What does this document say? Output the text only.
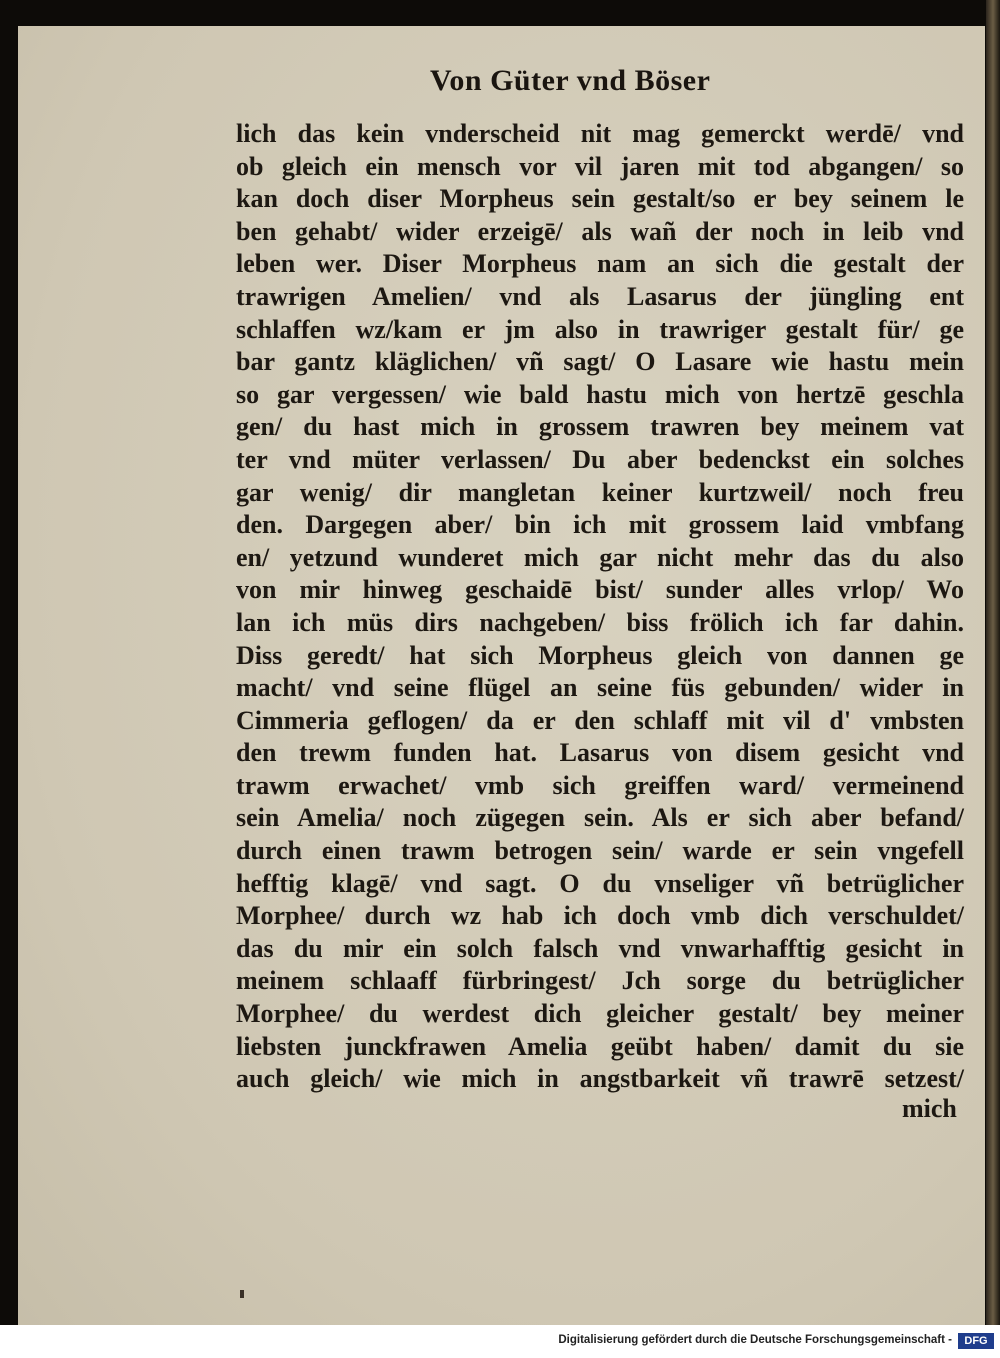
Von Güter vnd Böser
lich das kein vnderscheid nit mag gemerckt werdē/ vnd
ob gleich ein mensch vor vil jaren mit tod abgangen/ so
kan doch diser Morpheus sein gestalt/so er bey seinem le
ben gehabt/ wider erzeigē/ als wañ der noch in leib vnd
leben wer. Diser Morpheus nam an sich die gestalt der
trawrigen Amelien/ vnd als Lasarus der jüngling ent
schlaffen wz/kam er jm also in trawriger gestalt für/ ge
bar gantz kläglichen/ vñ sagt/ O Lasare wie hastu mein
so gar vergessen/ wie bald hastu mich von hertzē geschla
gen/ du hast mich in grossem trawren bey meinem vat
ter vnd müter verlassen/ Du aber bedenckst ein solches
gar wenig/ dir mangletan keiner kurtzweil/ noch freu
den. Dargegen aber/ bin ich mit grossem laid vmbfang
en/ yetzund wunderet mich gar nicht mehr das du also
von mir hinweg geschaidē bist/ sunder alles vrlop/ Wo
lan ich müs dirs nachgeben/ biss frölich ich far dahin.
Diss geredt/ hat sich Morpheus gleich von dannen ge
macht/ vnd seine flügel an seine füs gebunden/ wider in
Cimmeria geflogen/ da er den schlaff mit vil d' vmbsten
den trewm funden hat. Lasarus von disem gesicht vnd
trawm erwachet/ vmb sich greiffen ward/ vermeinend
sein Amelia/ noch zügegen sein. Als er sich aber befand/
durch einen trawm betrogen sein/ warde er sein vngefell
hefftig klagē/ vnd sagt. O du vnseliger vñ betrüglicher
Morphee/ durch wz hab ich doch vmb dich verschuldet/
das du mir ein solch falsch vnd vnwarhafftig gesicht in
meinem schlaaff fürbringest/ Jch sorge du betrüglicher
Morphee/ du werdest dich gleicher gestalt/ bey meiner
liebsten junckfrawen Amelia geübt haben/ damit du sie
auch gleich/ wie mich in angstbarkeit vñ trawrē setzest/
mich
Digitalisierung gefördert durch die Deutsche Forschungsgemeinschaft -	DFG
